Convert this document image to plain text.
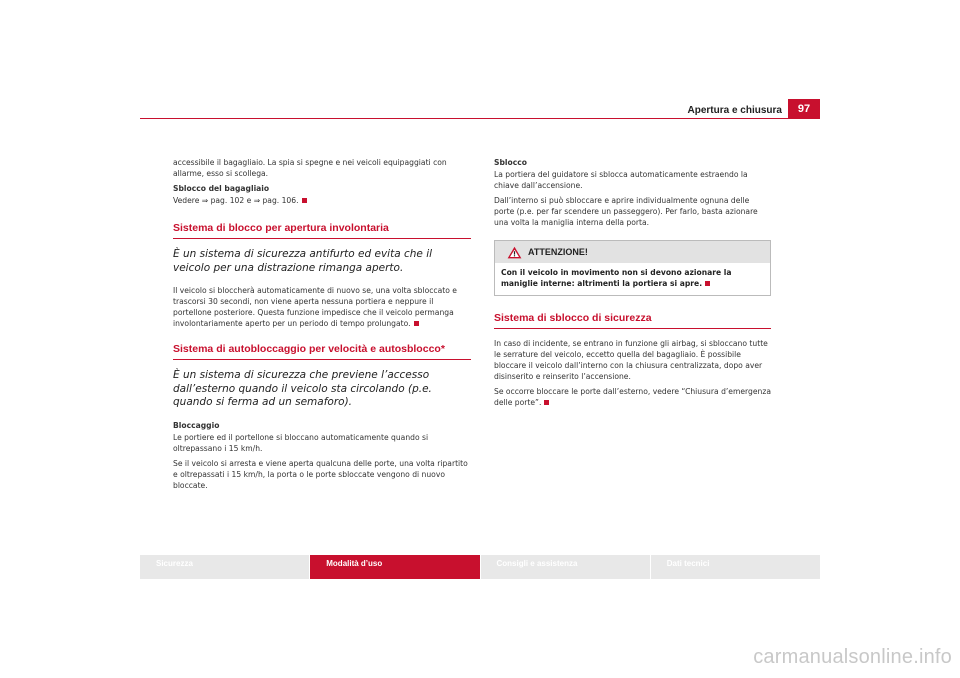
Apertura e chiusura	97

accessibile il bagagliaio. La spia si spegne e nei veicoli equipaggiati con allarme, esso si scollega.

Sblocco del bagagliaio

Vedere ⇒ pag. 102 e ⇒ pag. 106.

Sistema di blocco per apertura involontaria
È un sistema di sicurezza antifurto ed evita che il veicolo per una distrazione rimanga aperto.

Il veicolo si bloccherà automaticamente di nuovo se, una volta sbloccato e trascorsi 30 secondi, non viene aperta nessuna portiera e neppure il portellone posteriore. Questa funzione impedisce che il veicolo permanga involontariamente aperto per un periodo di tempo prolungato.

Sistema di autobloccaggio per velocità e autosblocco*
È un sistema di sicurezza che previene l’accesso dall’esterno quando il veicolo sta circolando (p.e. quando si ferma ad un semaforo).

Bloccaggio

Le portiere ed il portellone si bloccano automaticamente quando si oltrepassano i 15 km/h.

Se il veicolo si arresta e viene aperta qualcuna delle porte, una volta ripartito e oltrepassati i 15 km/h, la porta o le porte sbloccate vengono di nuovo bloccate.

Sblocco

La portiera del guidatore si sblocca automaticamente estraendo la chiave dall’accensione.

Dall’interno si può sbloccare e aprire individualmente ognuna delle porte (p.e. per far scendere un passeggero). Per farlo, basta azionare una volta la maniglia interna della porta.

ATTENZIONE!
Con il veicolo in movimento non si devono azionare la maniglie interne: altrimenti la portiera si apre.
Sistema di sblocco di sicurezza

In caso di incidente, se entrano in funzione gli airbag, si sbloccano tutte le serrature del veicolo, eccetto quella del bagagliaio. È possibile bloccare il veicolo dall’interno con la chiusura centralizzata, dopo aver disinserito e reinserito l’accensione.

Se occorre bloccare le porte dall’esterno, vedere “Chiusura d’emergenza delle porte”.

Sicurezza	Modalità d’uso	Consigli e assistenza	Dati tecnici
carmanualsonline.info
